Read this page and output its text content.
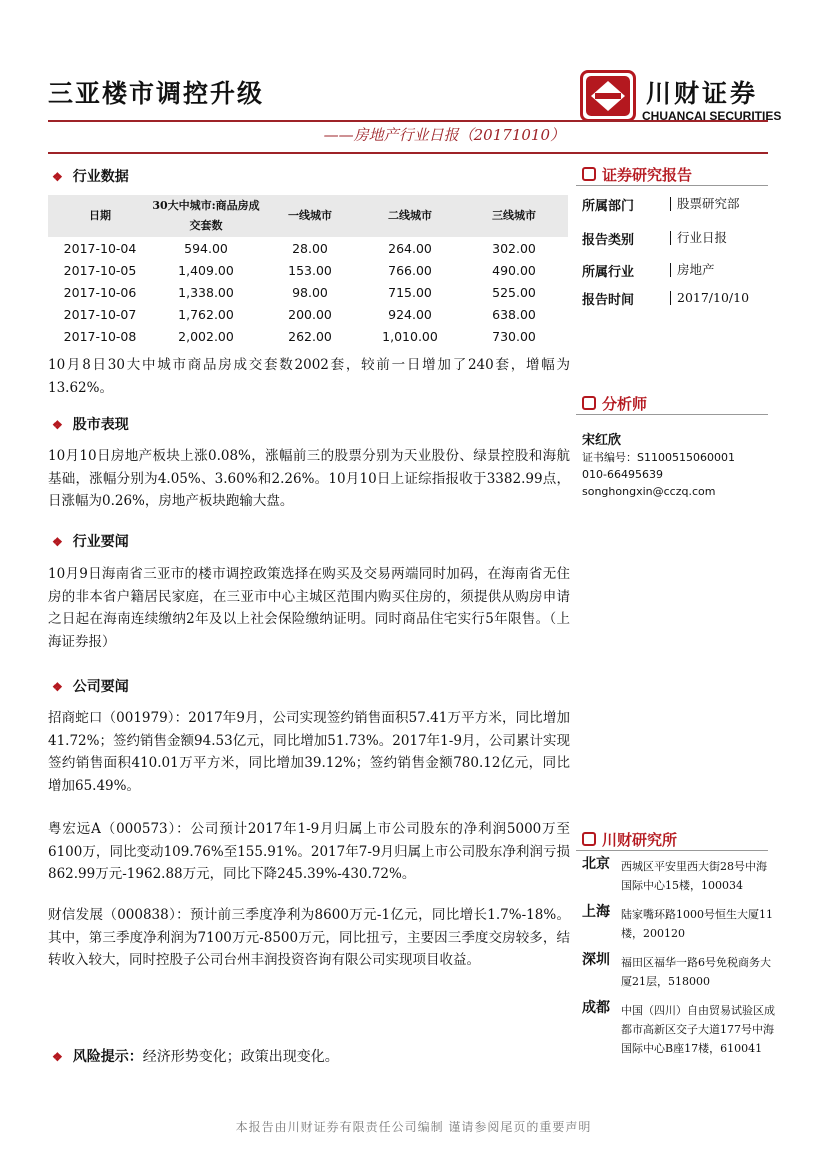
三亚楼市调控升级	川财证券
CHUANCAI SECURITIES
——房地产行业日报（20171010）
❖ 行业数据
日期	30大中城市:商品房成交套数	一线城市	二线城市	三线城市
2017-10-04	594.00	28.00	264.00	302.00
2017-10-05	1,409.00	153.00	766.00	490.00
2017-10-06	1,338.00	98.00	715.00	525.00
2017-10-07	1,762.00	200.00	924.00	638.00
2017-10-08	2,002.00	262.00	1,010.00	730.00
10月8日30大中城市商品房成交套数2002套，较前一日增加了240套，增幅为13.62%。
❖ 股市表现
10月10日房地产板块上涨0.08%，涨幅前三的股票分别为天业股份、绿景控股和海航基础，涨幅分别为4.05%、3.60%和2.26%。10月10日上证综指报收于3382.99点，日涨幅为0.26%，房地产板块跑输大盘。
❖ 行业要闻
10月9日海南省三亚市的楼市调控政策选择在购买及交易两端同时加码，在海南省无住房的非本省户籍居民家庭，在三亚市中心主城区范围内购买住房的，须提供从购房申请之日起在海南连续缴纳2年及以上社会保险缴纳证明。同时商品住宅实行5年限售。（上海证券报）
❖ 公司要闻
招商蛇口（001979）：2017年9月，公司实现签约销售面积57.41万平方米，同比增加41.72%；签约销售金额94.53亿元，同比增加51.73%。2017年1-9月，公司累计实现签约销售面积410.01万平方米，同比增加39.12%；签约销售金额780.12亿元，同比增加65.49%。
粤宏远A（000573）：公司预计2017年1-9月归属上市公司股东的净利润5000万至6100万，同比变动109.76%至155.91%。2017年7-9月归属上市公司股东净利润亏损862.99万元-1962.88万元，同比下降245.39%-430.72%。
财信发展（000838）：预计前三季度净利为8600万元-1亿元，同比增长1.7%-18%。其中，第三季度净利润为7100万元-8500万元，同比扭亏，主要因三季度交房较多，结转收入较大，同时控股子公司台州丰润投资咨询有限公司实现项目收益。
❖ 风险提示：经济形势变化；政策出现变化。
证券研究报告
所属部门	股票研究部
报告类别	行业日报
所属行业	房地产
报告时间	2017/10/10
分析师
宋红欣
证书编号：S1100515060001
010-66495639
songhongxin@cczq.com
川财研究所
北京 西城区平安里西大街28号中海国际中心15楼，100034
上海 陆家嘴环路1000号恒生大厦11楼，200120
深圳 福田区福华一路6号免税商务大厦21层，518000
成都 中国（四川）自由贸易试验区成都市高新区交子大道177号中海国际中心B座17楼，610041
本报告由川财证券有限责任公司编制 谨请参阅尾页的重要声明
